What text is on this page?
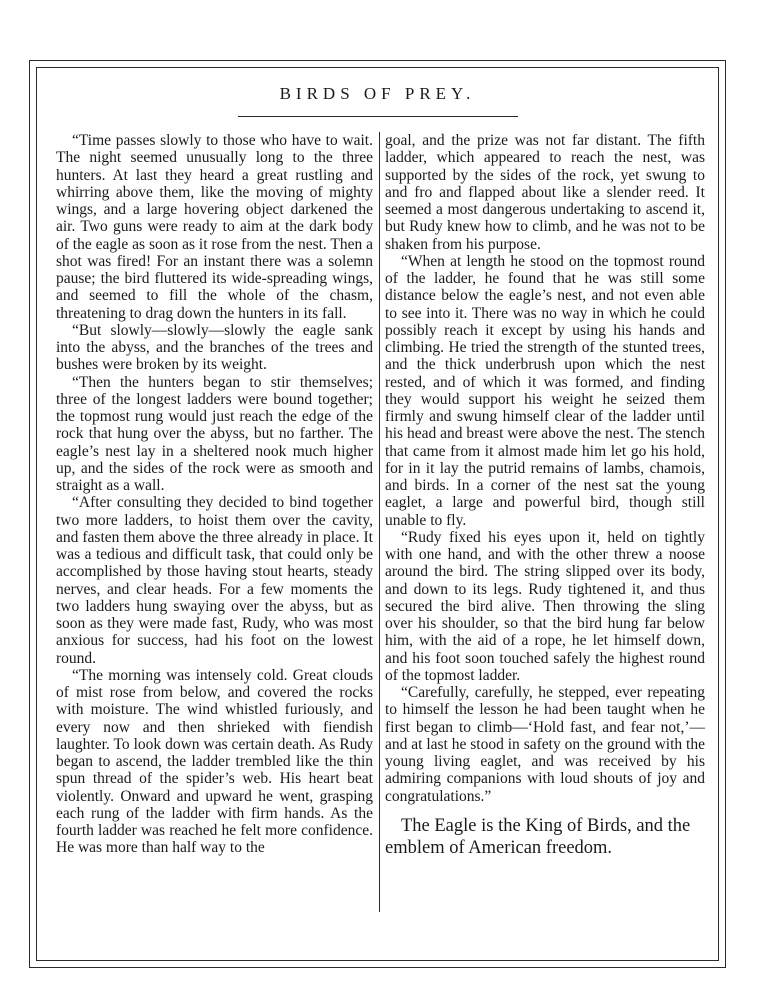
BIRDS OF PREY.

“Time passes slowly to those who have to wait. The night seemed unusually long to the three hunters. At last they heard a great rustling and whirring above them, like the moving of mighty wings, and a large hovering object darkened the air. Two guns were ready to aim at the dark body of the eagle as soon as it rose from the nest. Then a shot was fired! For an instant there was a solemn pause; the bird fluttered its wide-spreading wings, and seemed to fill the whole of the chasm, threatening to drag down the hunters in its fall.

“But slowly—slowly—slowly the eagle sank into the abyss, and the branches of the trees and bushes were broken by its weight.

“Then the hunters began to stir themselves; three of the longest ladders were bound together; the topmost rung would just reach the edge of the rock that hung over the abyss, but no farther. The eagle’s nest lay in a sheltered nook much higher up, and the sides of the rock were as smooth and straight as a wall.

“After consulting they decided to bind together two more ladders, to hoist them over the cavity, and fasten them above the three already in place. It was a tedious and difficult task, that could only be accomplished by those having stout hearts, steady nerves, and clear heads. For a few moments the two ladders hung swaying over the abyss, but as soon as they were made fast, Rudy, who was most anxious for success, had his foot on the lowest round.

“The morning was intensely cold. Great clouds of mist rose from below, and covered the rocks with moisture. The wind whistled furiously, and every now and then shrieked with fiendish laughter. To look down was certain death. As Rudy began to ascend, the ladder trembled like the thin spun thread of the spider’s web. His heart beat violently. Onward and upward he went, grasping each rung of the ladder with firm hands. As the fourth ladder was reached he felt more confidence. He was more than half way to the

goal, and the prize was not far distant. The fifth ladder, which appeared to reach the nest, was supported by the sides of the rock, yet swung to and fro and flapped about like a slender reed. It seemed a most dangerous undertaking to ascend it, but Rudy knew how to climb, and he was not to be shaken from his purpose.

“When at length he stood on the topmost round of the ladder, he found that he was still some distance below the eagle’s nest, and not even able to see into it. There was no way in which he could possibly reach it except by using his hands and climbing. He tried the strength of the stunted trees, and the thick underbrush upon which the nest rested, and of which it was formed, and finding they would support his weight he seized them firmly and swung himself clear of the ladder until his head and breast were above the nest. The stench that came from it almost made him let go his hold, for in it lay the putrid remains of lambs, chamois, and birds. In a corner of the nest sat the young eaglet, a large and powerful bird, though still unable to fly.

“Rudy fixed his eyes upon it, held on tightly with one hand, and with the other threw a noose around the bird. The string slipped over its body, and down to its legs. Rudy tightened it, and thus secured the bird alive. Then throwing the sling over his shoulder, so that the bird hung far below him, with the aid of a rope, he let himself down, and his foot soon touched safely the highest round of the topmost ladder.

“Carefully, carefully, he stepped, ever repeating to himself the lesson he had been taught when he first began to climb—‘Hold fast, and fear not,’—and at last he stood in safety on the ground with the young living eaglet, and was received by his admiring companions with loud shouts of joy and congratulations.”

The Eagle is the King of Birds, and the emblem of American freedom.
